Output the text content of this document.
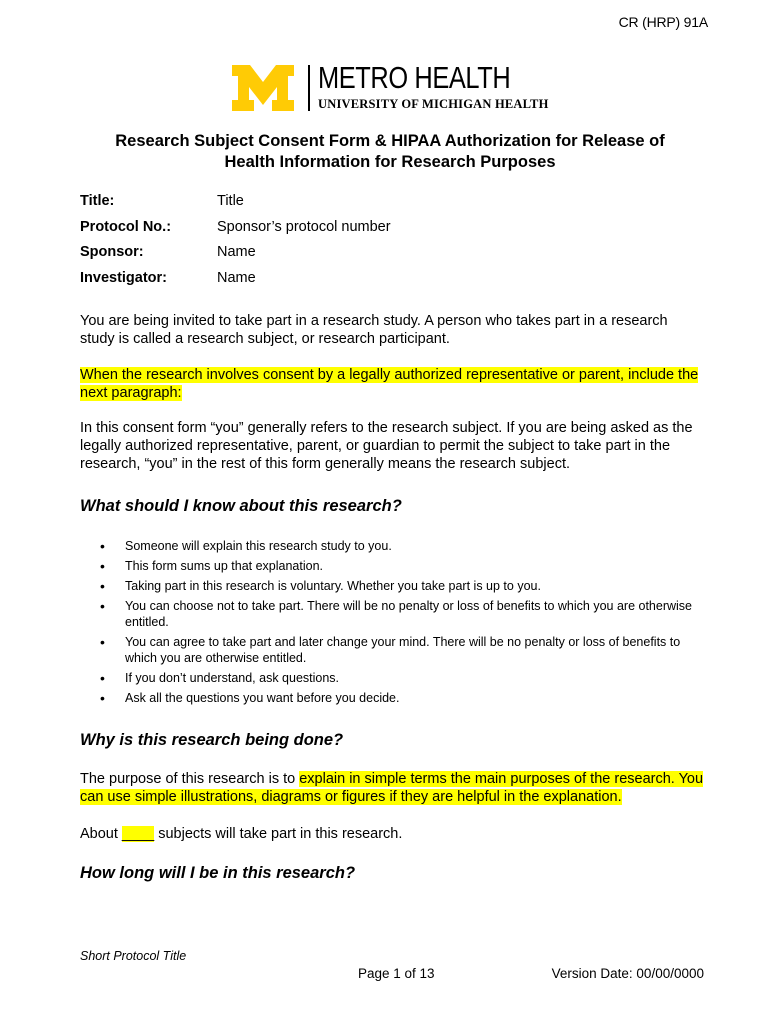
CR (HRP) 91A
METRO HEALTH
UNIVERSITY OF MICHIGAN HEALTH
Research Subject Consent Form & HIPAA Authorization for Release of
Health Information for Research Purposes
Title:	Title
Protocol No.:	Sponsor’s protocol number
Sponsor:	Name
Investigator:	Name
You are being invited to take part in a research study. A person who takes part in a research study is called a research subject, or research participant.
When the research involves consent by a legally authorized representative or parent, include the next paragraph:
In this consent form “you” generally refers to the research subject. If you are being asked as the legally authorized representative, parent, or guardian to permit the subject to take part in the research, “you” in the rest of this form generally means the research subject.
What should I know about this research?
• Someone will explain this research study to you.
• This form sums up that explanation.
• Taking part in this research is voluntary. Whether you take part is up to you.
• You can choose not to take part. There will be no penalty or loss of benefits to which you are otherwise entitled.
• You can agree to take part and later change your mind. There will be no penalty or loss of benefits to which you are otherwise entitled.
• If you don’t understand, ask questions.
• Ask all the questions you want before you decide.
Why is this research being done?
The purpose of this research is to explain in simple terms the main purposes of the research. You can use simple illustrations, diagrams or figures if they are helpful in the explanation.
About ____ subjects will take part in this research.
How long will I be in this research?
Short Protocol Title
Page 1 of 13	Version Date: 00/00/0000
